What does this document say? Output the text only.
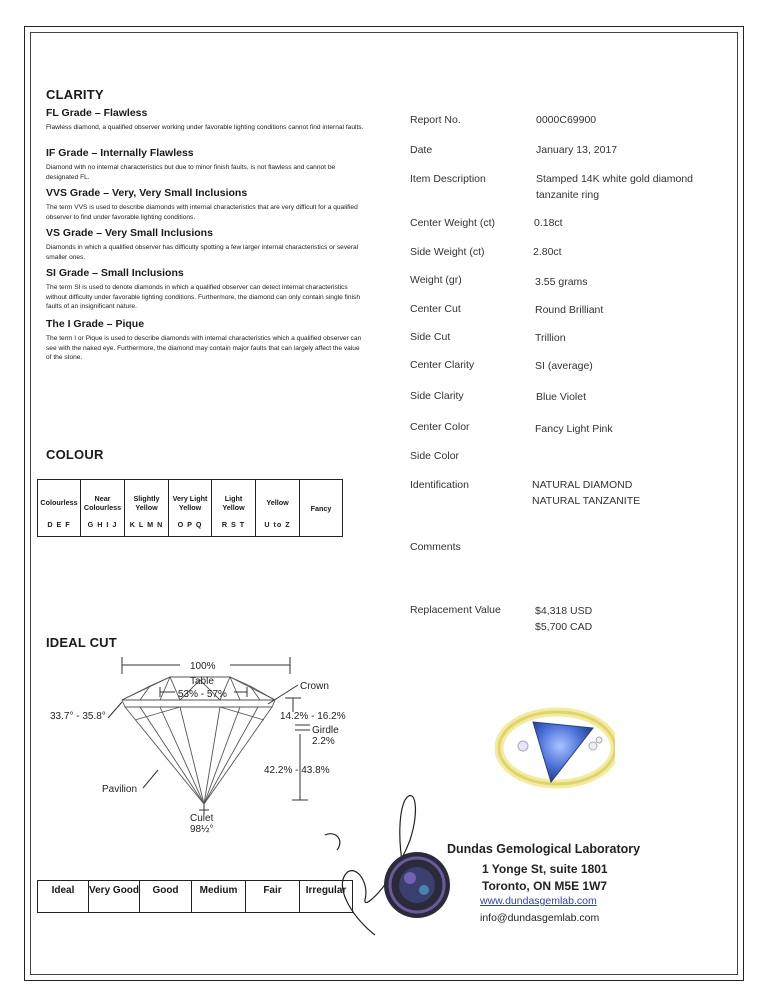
CLARITY
FL Grade – Flawless
Flawless diamond, a qualified observer working under favorable lighting conditions cannot find internal faults.
IF Grade – Internally Flawless
Diamond with no internal characteristics but due to minor finish faults, is not flawless and cannot be designated FL.
VVS Grade – Very, Very Small Inclusions
The term VVS is used to describe diamonds with internal characteristics that are very difficult for a qualified observer to find under favorable lighting conditions.
VS Grade – Very Small Inclusions
Diamonds in which a qualified observer has difficulty spotting a few larger internal characteristics or several smaller ones.
SI Grade – Small Inclusions
The term SI is used to denote diamonds in which a qualified observer can detect internal characteristics without difficulty under favorable lighting conditions. Furthermore, the diamond can only contain single finish faults of an insignificant nature.
The I Grade – Pique
The term I or Pique is used to describe diamonds with internal characteristics which a qualified observer can see with the naked eye. Furthermore, the diamond may contain major faults that can largely affect the value of the stone.
COLOUR
Colourless
D E F

Near Colourless
G H I J

Slightly Yellow
K L M N

Very Light Yellow
O P Q

Light Yellow
R S T

Yellow
U to Z
	Fancy
IDEAL CUT
100%
Table
53% - 57%
Crown
33.7° - 35.8°	14.2% - 16.2%
Girdle
2.2%
42.2% - 43.8%
Pavilion
Culet
98½°
Ideal	Very Good	Good	Medium	Fair	Irregular
Report No.	0000C69900
Date	January 13, 2017
Item Description	Stamped 14K white gold diamond tanzanite ring
Center Weight (ct)	0.18ct
Side Weight (ct)	2.80ct
Weight (gr)	3.55 grams
Center Cut	Round Brilliant
Side Cut	Trillion
Center Clarity	SI (average)
Side Clarity	Blue Violet
Center Color	Fancy Light Pink
Side Color
Identification	NATURAL DIAMOND
NATURAL TANZANITE
Comments
Replacement Value	$4,318 USD
$5,700 CAD
Dundas Gemological Laboratory
1 Yonge St, suite 1801
Toronto, ON M5E 1W7
www.dundasgemlab.com
info@dundasgemlab.com
